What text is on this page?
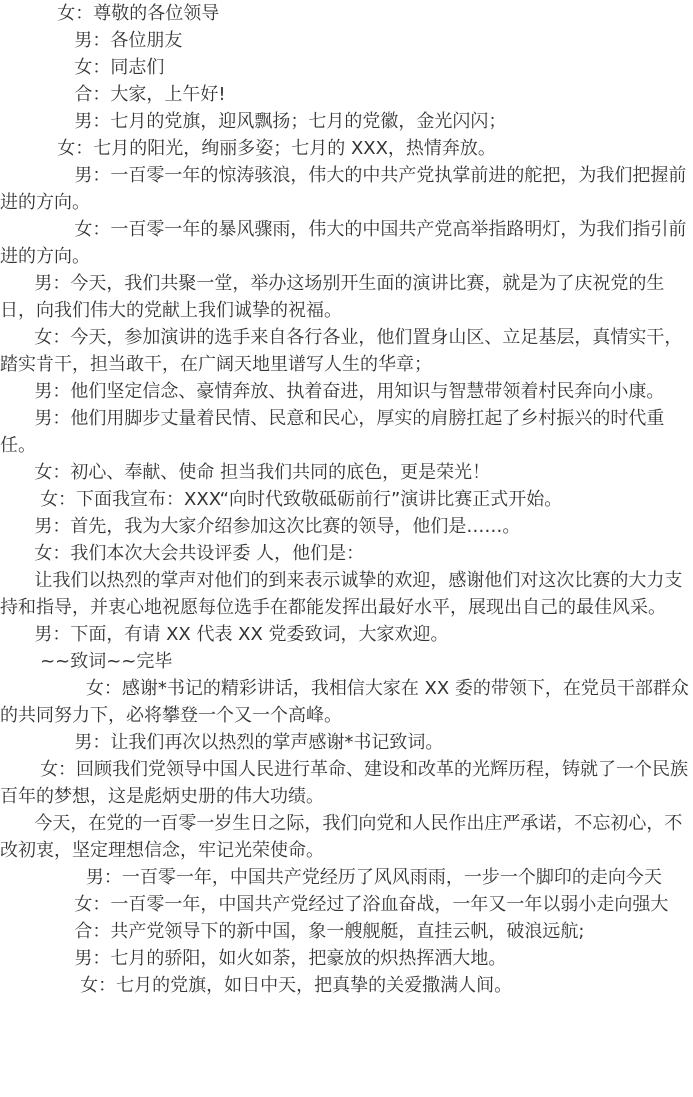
女：尊敬的各位领导

男：各位朋友

女：同志们

合：大家，上午好!

男：七月的党旗，迎风飘扬；七月的党徽，金光闪闪；

女：七月的阳光，绚丽多姿；七月的 XXX，热情奔放。

男：一百零一年的惊涛骇浪，伟大的中共产党执掌前进的舵把，为我们把握前进的方向。

女：一百零一年的暴风骤雨，伟大的中国共产党高举指路明灯，为我们指引前进的方向。

男：今天，我们共聚一堂，举办这场别开生面的演讲比赛，就是为了庆祝党的生日，向我们伟大的党献上我们诚挚的祝福。

女：今天，参加演讲的选手来自各行各业，他们置身山区、立足基层，真情实干，踏实肯干，担当敢干，在广阔天地里谱写人生的华章；

男：他们坚定信念、豪情奔放、执着奋进，用知识与智慧带领着村民奔向小康。

男：他们用脚步丈量着民情、民意和民心，厚实的肩膀扛起了乡村振兴的时代重任。

女：初心、奉献、使命 担当我们共同的底色，更是荣光！

女：下面我宣布：XXX“向时代致敬砥砺前行”演讲比赛正式开始。

男：首先，我为大家介绍参加这次比赛的领导，他们是……。

女：我们本次大会共设评委 人，他们是：

让我们以热烈的掌声对他们的到来表示诚挚的欢迎，感谢他们对这次比赛的大力支持和指导，并衷心地祝愿每位选手在都能发挥出最好水平，展现出自己的最佳风采。

男：下面，有请 XX 代表 XX 党委致词，大家欢迎。

~~致词~~完毕

女：感谢*书记的精彩讲话，我相信大家在 XX 委的带领下，在党员干部群众的共同努力下，必将攀登一个又一个高峰。

男：让我们再次以热烈的掌声感谢*书记致词。

女：回顾我们党领导中国人民进行革命、建设和改革的光辉历程，铸就了一个民族百年的梦想，这是彪炳史册的伟大功绩。

今天，在党的一百零一岁生日之际，我们向党和人民作出庄严承诺，不忘初心，不改初衷，坚定理想信念，牢记光荣使命。

男：一百零一年，中国共产党经历了风风雨雨，一步一个脚印的走向今天

女：一百零一年，中国共产党经过了浴血奋战，一年又一年以弱小走向强大

合：共产党领导下的新中国，象一艘舰艇，直挂云帆，破浪远航;

男：七月的骄阳，如火如荼，把豪放的炽热挥洒大地。

女：七月的党旗，如日中天，把真挚的关爱撒满人间。
